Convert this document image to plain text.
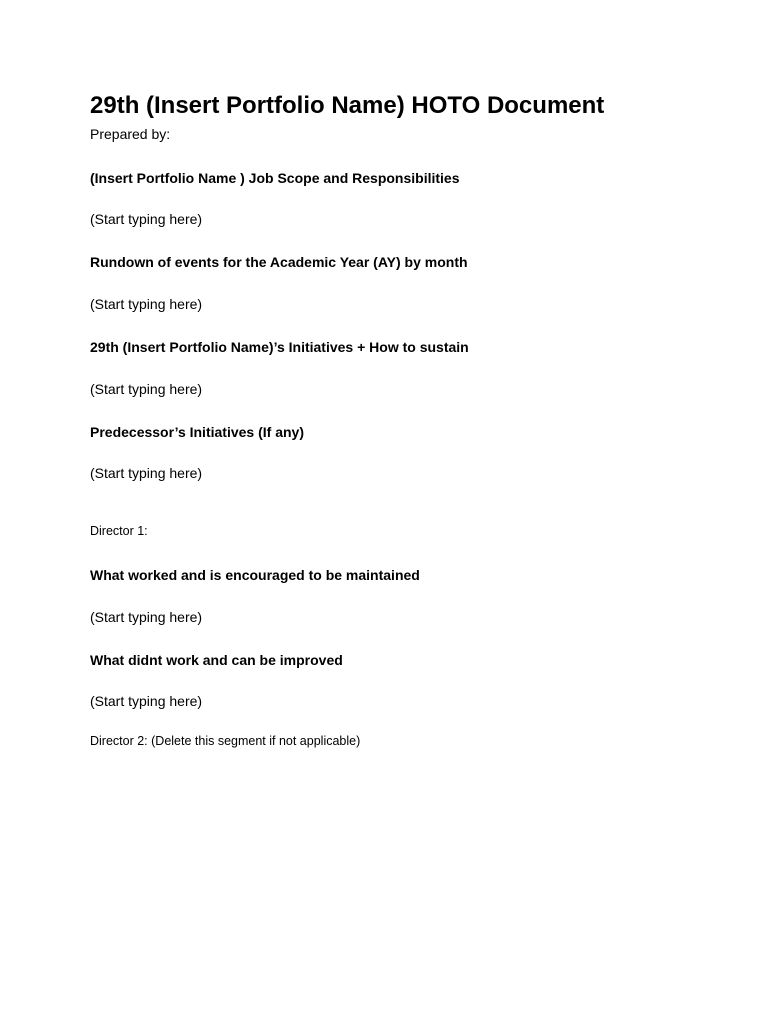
29th (Insert Portfolio Name) HOTO Document

Prepared by:

(Insert Portfolio Name ) Job Scope and Responsibilities

(Start typing here)

Rundown of events for the Academic Year (AY) by month

(Start typing here)

29th (Insert Portfolio Name)’s Initiatives + How to sustain

(Start typing here)

Predecessor’s Initiatives (If any)

(Start typing here)

Director 1:

What worked and is encouraged to be maintained

(Start typing here)

What didnt work and can be improved

(Start typing here)

Director 2: (Delete this segment if not applicable)
